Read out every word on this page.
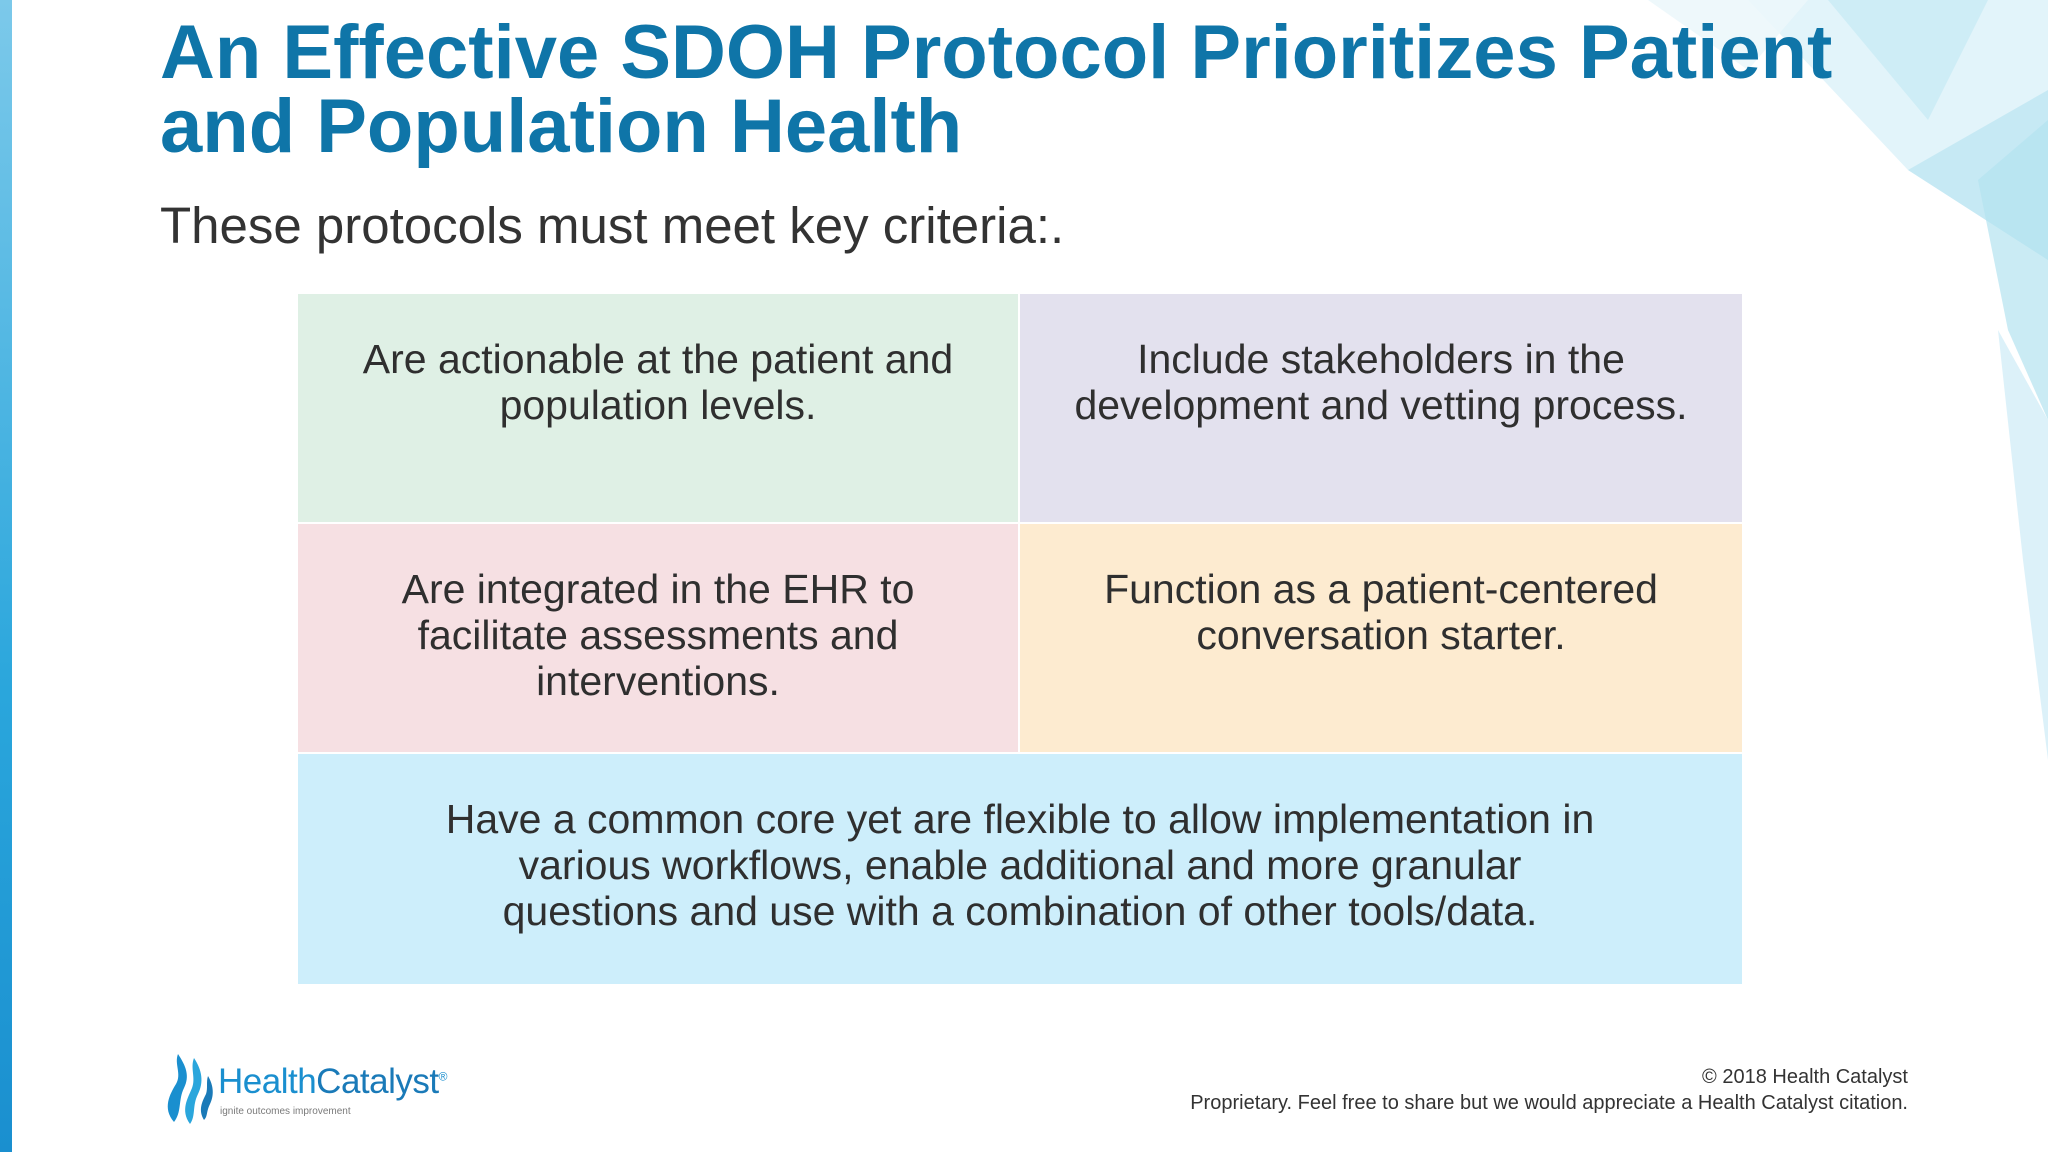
An Effective SDOH Protocol Prioritizes Patient and Population Health

These protocols must meet key criteria:.

Are actionable at the patient and population levels.
Include stakeholders in the development and vetting process.
Are integrated in the EHR to facilitate assessments and interventions.
Function as a patient-centered conversation starter.
Have a common core yet are flexible to allow implementation in various workflows, enable additional and more granular questions and use with a combination of other tools/data.
HealthCatalyst®
ignite outcomes improvement
© 2018 Health Catalyst
Proprietary. Feel free to share but we would appreciate a Health Catalyst citation.
